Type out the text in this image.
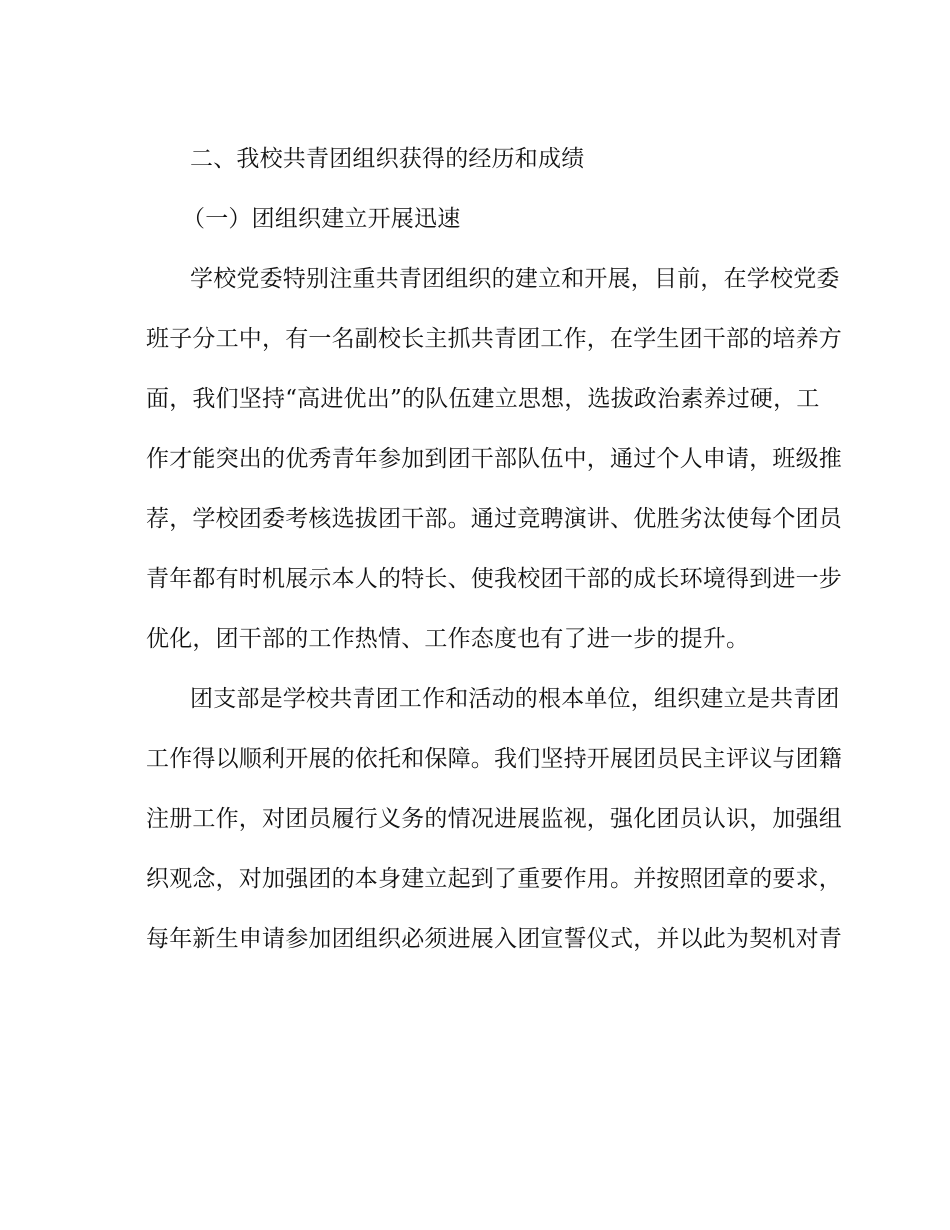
二、我校共青团组织获得的经历和成绩
（一）团组织建立开展迅速
学校党委特别注重共青团组织的建立和开展，目前，在学校党委
班子分工中，有一名副校长主抓共青团工作，在学生团干部的培养方
面，我们坚持“高进优出”的队伍建立思想，选拔政治素养过硬，工
作才能突出的优秀青年参加到团干部队伍中，通过个人申请，班级推
荐，学校团委考核选拔团干部。通过竞聘演讲、优胜劣汰使每个团员
青年都有时机展示本人的特长、使我校团干部的成长环境得到进一步
优化，团干部的工作热情、工作态度也有了进一步的提升。
团支部是学校共青团工作和活动的根本单位，组织建立是共青团
工作得以顺利开展的依托和保障。我们坚持开展团员民主评议与团籍
注册工作，对团员履行义务的情况进展监视，强化团员认识，加强组
织观念，对加强团的本身建立起到了重要作用。并按照团章的要求，
每年新生申请参加团组织必须进展入团宣誓仪式，并以此为契机对青
